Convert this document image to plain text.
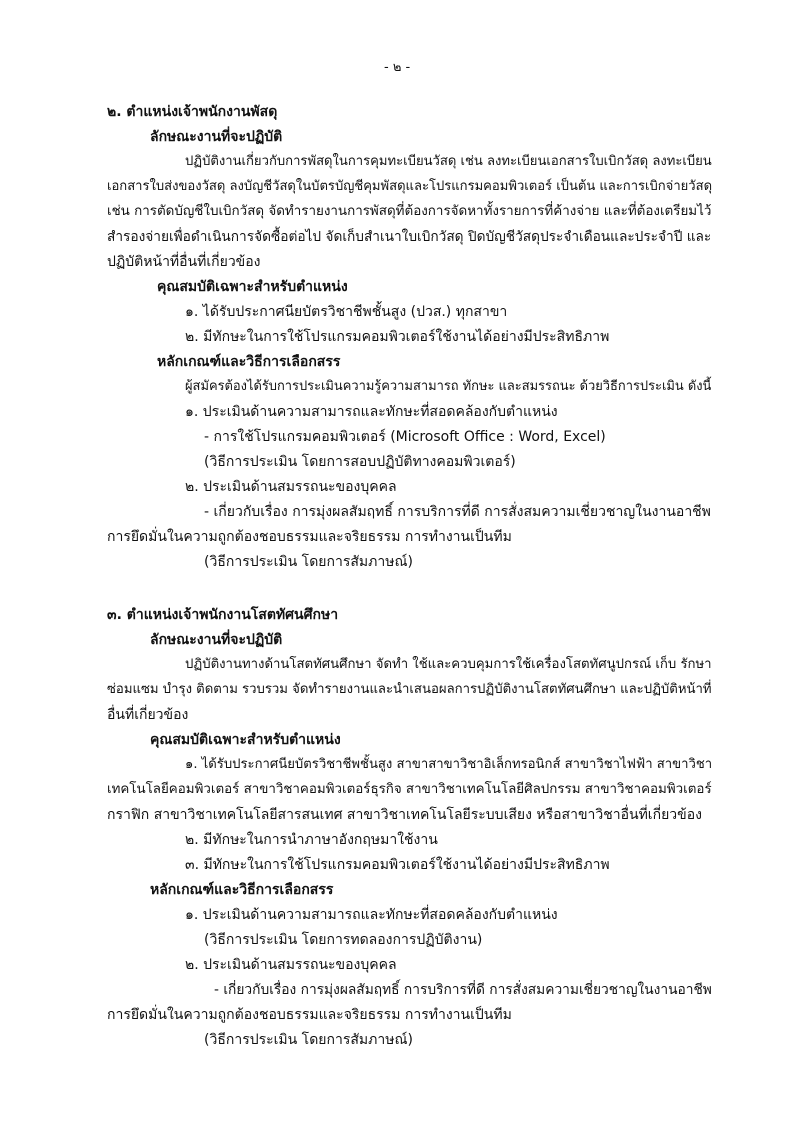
- ๒ -
๒. ตำแหน่งเจ้าพนักงานพัสดุ
ลักษณะงานที่จะปฏิบัติ
ปฏิบัติงานเกี่ยวกับการพัสดุในการคุมทะเบียนวัสดุ เช่น ลงทะเบียนเอกสารใบเบิกวัสดุ ลงทะเบียน
เอกสารใบส่งของวัสดุ ลงบัญชีวัสดุในบัตรบัญชีคุมพัสดุและโปรแกรมคอมพิวเตอร์ เป็นต้น และการเบิกจ่ายวัสดุ
เช่น การตัดบัญชีใบเบิกวัสดุ จัดทำรายงานการพัสดุที่ต้องการจัดหาทั้งรายการที่ค้างจ่าย และที่ต้องเตรียมไว้
สำรองจ่ายเพื่อดำเนินการจัดซื้อต่อไป จัดเก็บสำเนาใบเบิกวัสดุ ปิดบัญชีวัสดุประจำเดือนและประจำปี และ
ปฏิบัติหน้าที่อื่นที่เกี่ยวข้อง
คุณสมบัติเฉพาะสำหรับตำแหน่ง
๑. ได้รับประกาศนียบัตรวิชาชีพชั้นสูง (ปวส.) ทุกสาขา
๒. มีทักษะในการใช้โปรแกรมคอมพิวเตอร์ใช้งานได้อย่างมีประสิทธิภาพ
หลักเกณฑ์และวิธีการเลือกสรร
ผู้สมัครต้องได้รับการประเมินความรู้ความสามารถ ทักษะ และสมรรถนะ ด้วยวิธีการประเมิน ดังนี้
๑. ประเมินด้านความสามารถและทักษะที่สอดคล้องกับตำแหน่ง
- การใช้โปรแกรมคอมพิวเตอร์ (Microsoft Office : Word, Excel)
(วิธีการประเมิน โดยการสอบปฏิบัติทางคอมพิวเตอร์)
๒. ประเมินด้านสมรรถนะของบุคคล
- เกี่ยวกับเรื่อง การมุ่งผลสัมฤทธิ์ การบริการที่ดี การสั่งสมความเชี่ยวชาญในงานอาชีพ
การยึดมั่นในความถูกต้องชอบธรรมและจริยธรรม การทำงานเป็นทีม
(วิธีการประเมิน โดยการสัมภาษณ์)
๓. ตำแหน่งเจ้าพนักงานโสตทัศนศึกษา
ลักษณะงานที่จะปฏิบัติ
ปฏิบัติงานทางด้านโสตทัศนศึกษา จัดทำ ใช้และควบคุมการใช้เครื่องโสตทัศนูปกรณ์ เก็บ รักษา
ซ่อมแซม บำรุง ติดตาม รวบรวม จัดทำรายงานและนำเสนอผลการปฏิบัติงานโสตทัศนศึกษา และปฏิบัติหน้าที่
อื่นที่เกี่ยวข้อง
คุณสมบัติเฉพาะสำหรับตำแหน่ง
๑. ได้รับประกาศนียบัตรวิชาชีพชั้นสูง สาขาสาขาวิชาอิเล็กทรอนิกส์ สาขาวิชาไฟฟ้า สาขาวิชา
เทคโนโลยีคอมพิวเตอร์ สาขาวิชาคอมพิวเตอร์ธุรกิจ สาขาวิชาเทคโนโลยีศิลปกรรม สาขาวิชาคอมพิวเตอร์
กราฟิก สาขาวิชาเทคโนโลยีสารสนเทศ สาขาวิชาเทคโนโลยีระบบเสียง หรือสาขาวิชาอื่นที่เกี่ยวข้อง
๒. มีทักษะในการนำภาษาอังกฤษมาใช้งาน
๓. มีทักษะในการใช้โปรแกรมคอมพิวเตอร์ใช้งานได้อย่างมีประสิทธิภาพ
หลักเกณฑ์และวิธีการเลือกสรร
๑. ประเมินด้านความสามารถและทักษะที่สอดคล้องกับตำแหน่ง
(วิธีการประเมิน โดยการทดลองการปฏิบัติงาน)
๒. ประเมินด้านสมรรถนะของบุคคล
- เกี่ยวกับเรื่อง การมุ่งผลสัมฤทธิ์ การบริการที่ดี การสั่งสมความเชี่ยวชาญในงานอาชีพ
การยึดมั่นในความถูกต้องชอบธรรมและจริยธรรม การทำงานเป็นทีม
(วิธีการประเมิน โดยการสัมภาษณ์)
